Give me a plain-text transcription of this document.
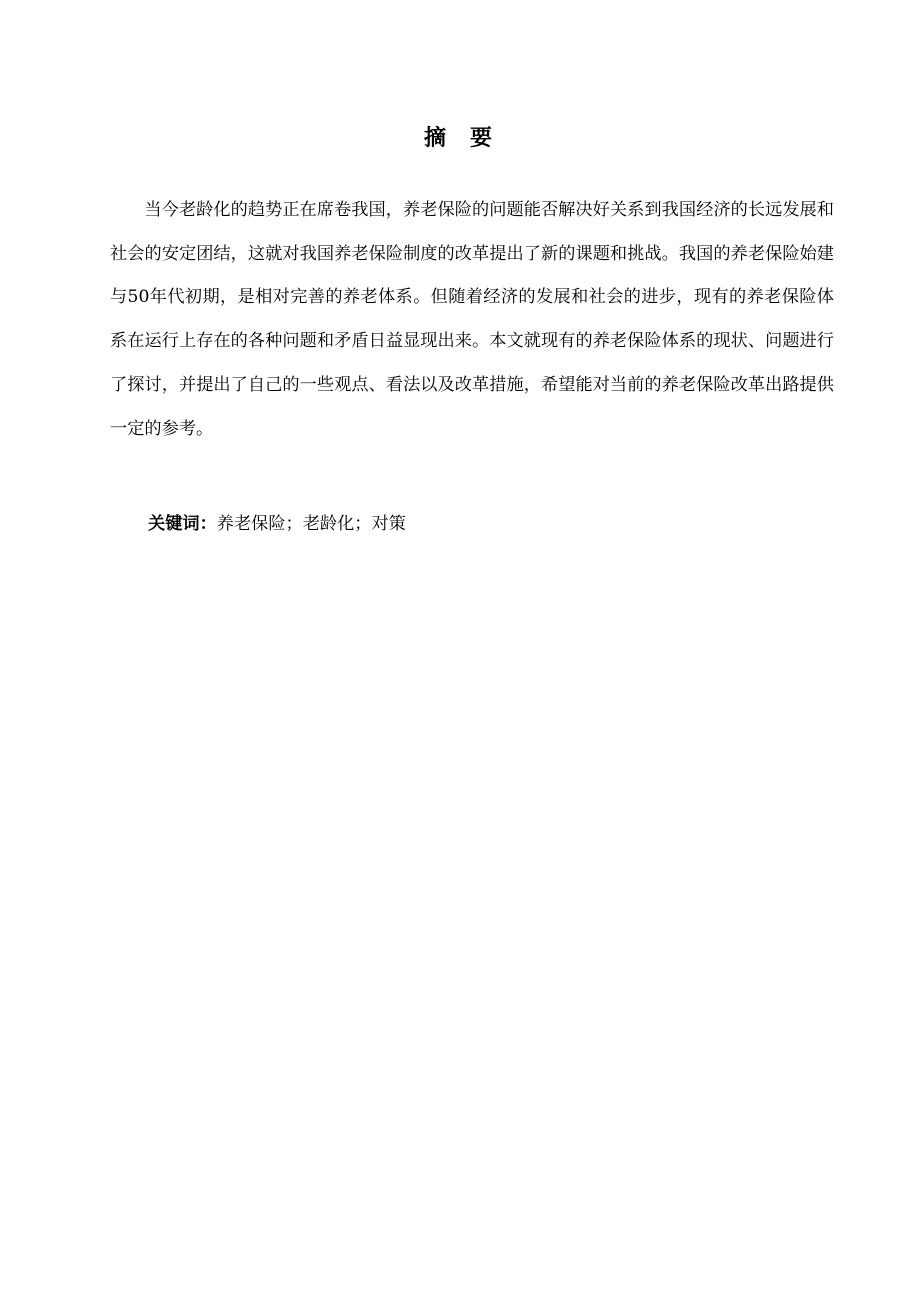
摘要

当今老龄化的趋势正在席卷我国，养老保险的问题能否解决好关系到我国经济的长远发展和社会的安定团结，这就对我国养老保险制度的改革提出了新的课题和挑战。我国的养老保险始建与50年代初期，是相对完善的养老体系。但随着经济的发展和社会的进步，现有的养老保险体系在运行上存在的各种问题和矛盾日益显现出来。本文就现有的养老保险体系的现状、问题进行了探讨，并提出了自己的一些观点、看法以及改革措施，希望能对当前的养老保险改革出路提供一定的参考。

关键词：养老保险；老龄化；对策
